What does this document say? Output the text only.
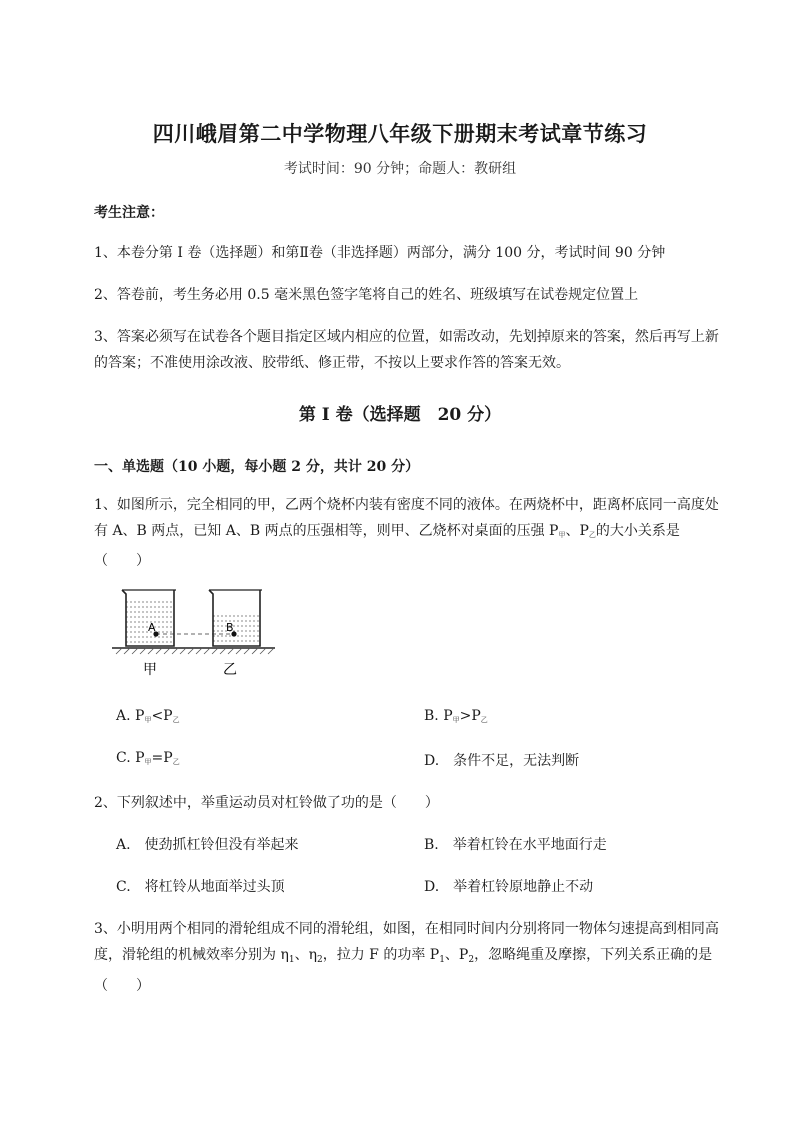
四川峨眉第二中学物理八年级下册期末考试章节练习
考试时间：90 分钟；命题人：教研组
考生注意：
1、本卷分第 I 卷（选择题）和第Ⅱ卷（非选择题）两部分，满分 100 分，考试时间 90 分钟
2、答卷前，考生务必用 0.5 毫米黑色签字笔将自己的姓名、班级填写在试卷规定位置上
3、答案必须写在试卷各个题目指定区域内相应的位置，如需改动，先划掉原来的答案，然后再写上新的答案；不准使用涂改液、胶带纸、修正带，不按以上要求作答的答案无效。
第 I 卷（选择题　20 分）
一、单选题（10 小题，每小题 2 分，共计 20 分）
1、如图所示，完全相同的甲，乙两个烧杯内装有密度不同的液体。在两烧杯中，距离杯底同一高度处有 A、B 两点，已知 A、B 两点的压强相等，则甲、乙烧杯对桌面的压强 $P_甲$、$P_乙$的大小关系是（　　）
A	B
甲	乙
A. $P_甲<P_乙$	B. $P_甲>P_乙$
C. $P_甲=P_乙$	D.　条件不足，无法判断
2、下列叙述中，举重运动员对杠铃做了功的是（　　）
A.　使劲抓杠铃但没有举起来	B.　举着杠铃在水平地面行走
C.　将杠铃从地面举过头顶	D.　举着杠铃原地静止不动
3、小明用两个相同的滑轮组成不同的滑轮组，如图，在相同时间内分别将同一物体匀速提高到相同高
度，滑轮组的机械效率分别为 $\eta_1$、$\eta_2$，拉力 F 的功率 $P_1$、$P_2$，忽略绳重及摩擦，下列关系正确的是
（　　）
